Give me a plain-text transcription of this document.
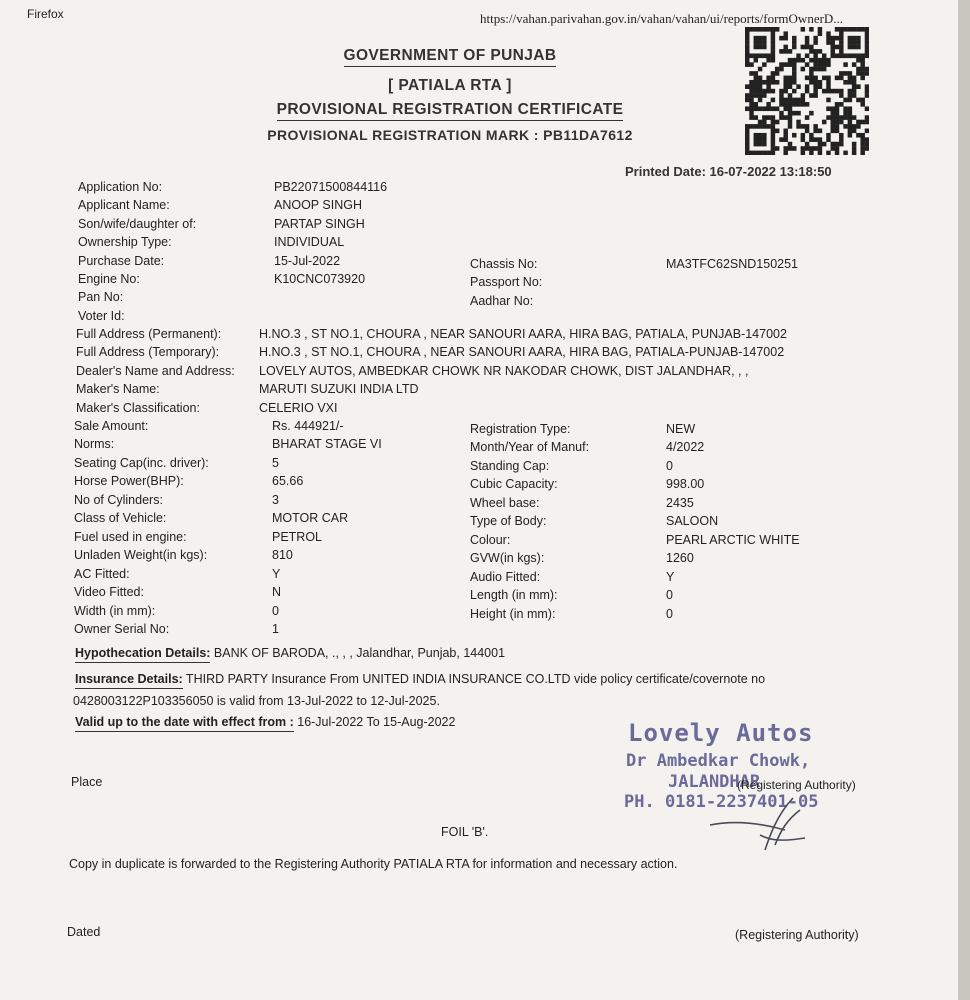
Firefox	https://vahan.parivahan.gov.in/vahan/vahan/ui/reports/formOwnerD...
GOVERNMENT OF PUNJAB
[ PATIALA RTA ]
PROVISIONAL REGISTRATION CERTIFICATE
PROVISIONAL REGISTRATION MARK : PB11DA7612
Printed Date: 16-07-2022 13:18:50
Application No:	PB22071500844116
Applicant Name:	ANOOP SINGH
Son/wife/daughter of:	PARTAP SINGH
Ownership Type:	INDIVIDUAL
Purchase Date:	15-Jul-2022
Engine No:	K10CNC073920
Pan No:
Voter Id:
Chassis No:	MA3TFC62SND150251
Passport No:
Aadhar No:
Full Address (Permanent):	H.NO.3 , ST NO.1, CHOURA , NEAR SANOURI AARA, HIRA BAG, PATIALA, PUNJAB-147002
Full Address (Temporary):	H.NO.3 , ST NO.1, CHOURA , NEAR SANOURI AARA, HIRA BAG, PATIALA-PUNJAB-147002
Dealer's Name and Address: LOVELY AUTOS, AMBEDKAR CHOWK NR NAKODAR CHOWK, DIST JALANDHAR, , ,
Maker's Name:	MARUTI SUZUKI INDIA LTD
Maker's Classification:	CELERIO VXI
Sale Amount:	Rs. 444921/-
Norms:	BHARAT STAGE VI
Seating Cap(inc. driver):	5
Horse Power(BHP):	65.66
No of Cylinders:	3
Class of Vehicle:	MOTOR CAR
Fuel used in engine:	PETROL
Unladen Weight(in kgs):	810
AC Fitted:	Y
Video Fitted:	N
Width (in mm):	0
Owner Serial No:	1
Registration Type:	NEW
Month/Year of Manuf:	4/2022
Standing Cap:	0
Cubic Capacity:	998.00
Wheel base:	2435
Type of Body:	SALOON
Colour:	PEARL ARCTIC WHITE
GVW(in kgs):	1260
Audio Fitted:	Y
Length (in mm):	0
Height (in mm):	0
Hypothecation Details: BANK OF BARODA, ., , , Jalandhar, Punjab, 144001
Insurance Details: THIRD PARTY Insurance From UNITED INDIA INSURANCE CO.LTD vide policy certificate/covernote no
0428003122P103356050 is valid from 13-Jul-2022 to 12-Jul-2025.
Valid up to the date with effect from : 16-Jul-2022 To 15-Aug-2022	Lovely Autos
Dr Ambedkar Chowk,
JALANDHAR
PH. 0181-2237401-05
(Registering Authority)
Place
FOIL 'B'.
Copy in duplicate is forwarded to the Registering Authority PATIALA RTA for information and necessary action.
Dated	(Registering Authority)
